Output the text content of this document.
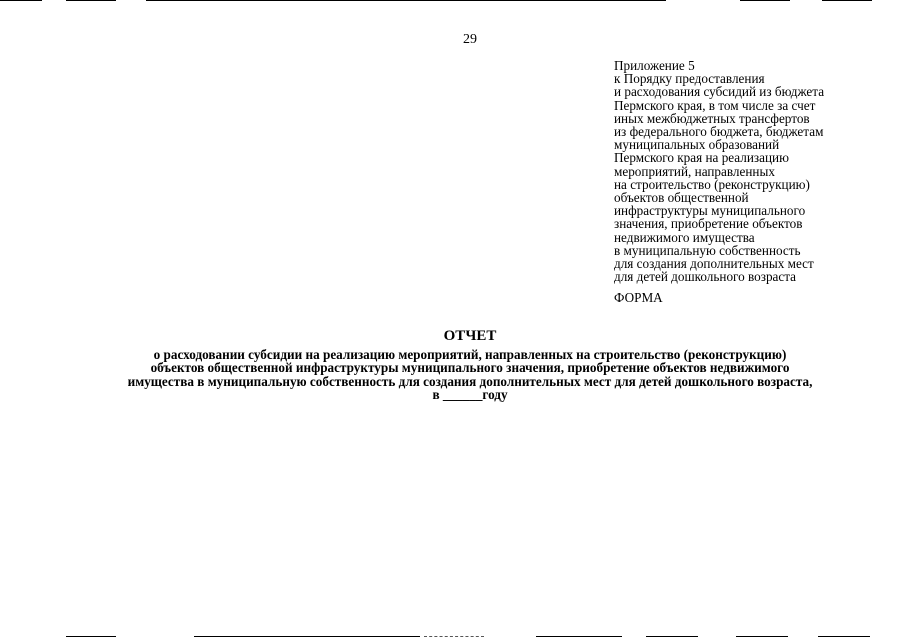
29
Приложение 5
к Порядку предоставления
и расходования субсидий из бюджета
Пермского края, в том числе за счет
иных межбюджетных трансфертов
из федерального бюджета, бюджетам
муниципальных образований
Пермского края на реализацию
мероприятий, направленных
на строительство (реконструкцию)
объектов общественной
инфраструктуры муниципального
значения, приобретение объектов
недвижимого имущества
в муниципальную собственность
для создания дополнительных мест
для детей дошкольного возраста
ФОРМА
ОТЧЕТ
о расходовании субсидии на реализацию мероприятий, направленных на строительство (реконструкцию)
объектов общественной инфраструктуры муниципального значения, приобретение объектов недвижимого
имущества в муниципальную собственность для создания дополнительных мест для детей дошкольного возраста,
в ______году
